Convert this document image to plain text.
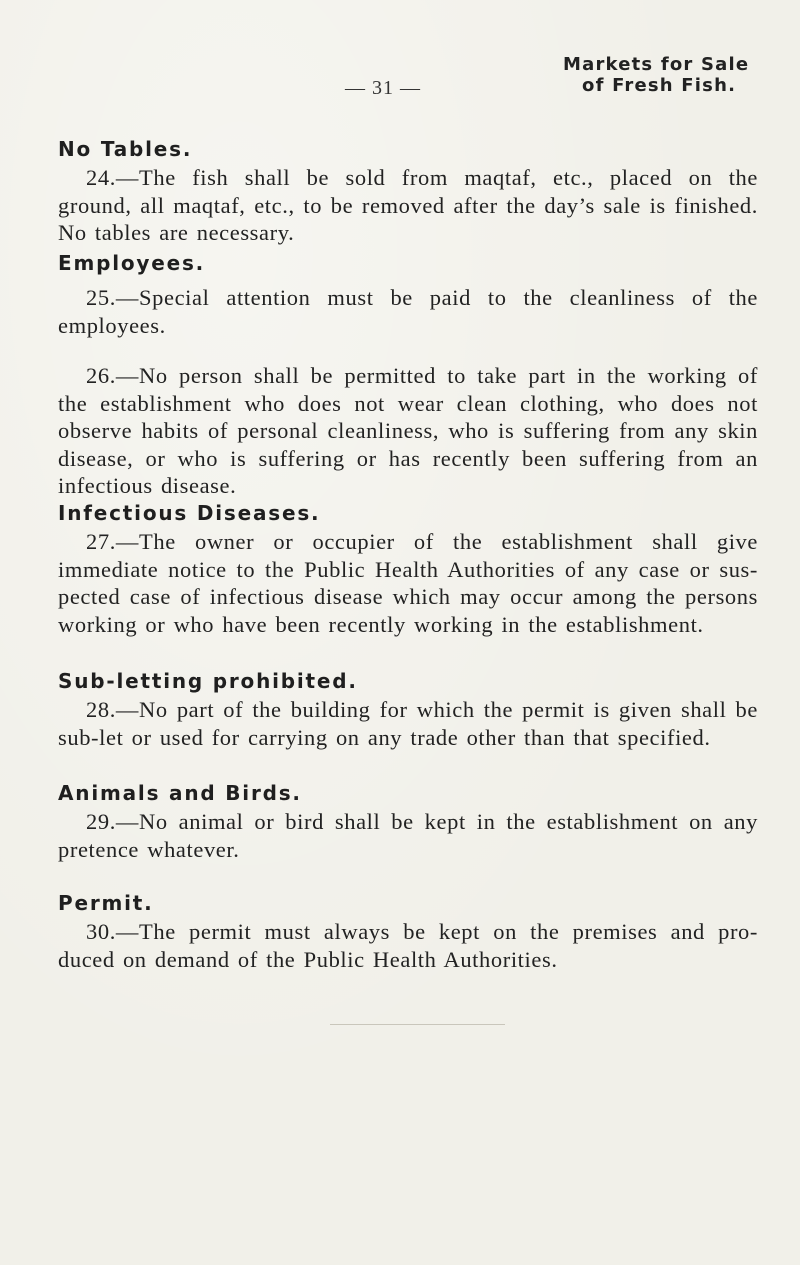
Markets for Sale

of Fresh Fish.
— 31 —
No Tables.

24.—The fish shall be sold from maqtaf, etc., placed on the ground, all maqtaf, etc., to be removed after the day’s sale is finished. No tables are necessary.

Employees.

25.—Special attention must be paid to the cleanliness of the employees.

26.—No person shall be permitted to take part in the working of the establishment who does not wear clean clothing, who does not observe habits of personal cleanliness, who is suffering from any skin disease, or who is suffering or has recently been suffering from an infectious disease.

Infectious Diseases.

27.—The owner or occupier of the establishment shall give immediate notice to the Public Health Authorities of any case or sus-pected case of infectious disease which may occur among the persons working or who have been recently working in the establishment.

Sub-letting prohibited.

28.—No part of the building for which the permit is given shall be sub-let or used for carrying on any trade other than that specified.

Animals and Birds.

29.—No animal or bird shall be kept in the establishment on any pretence whatever.

Permit.

30.—The permit must always be kept on the premises and pro-duced on demand of the Public Health Authorities.
